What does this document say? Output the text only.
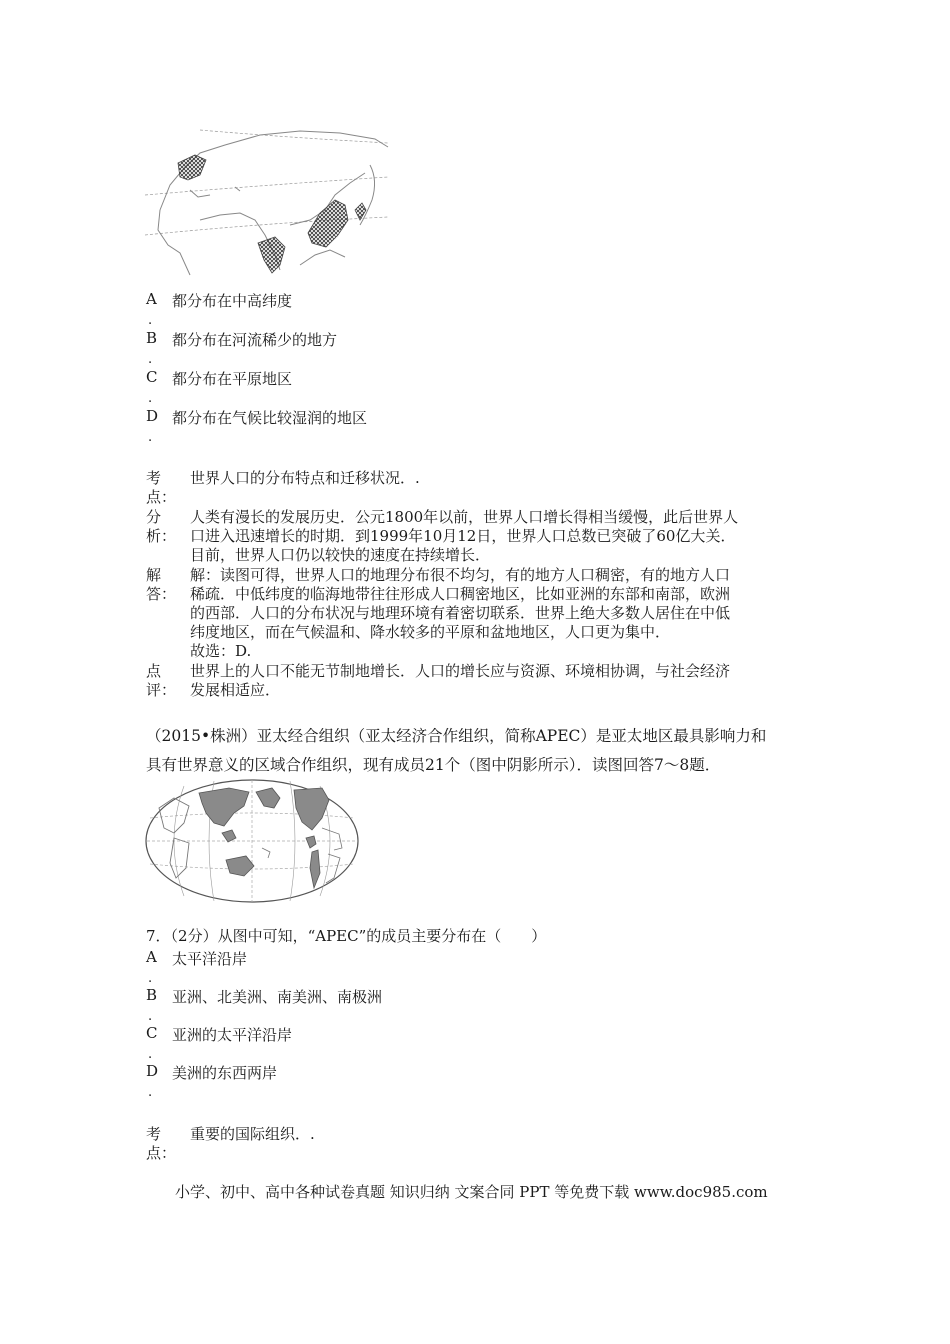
·
A 都分布在中高纬度
.
B 都分布在河流稀少的地方
.
C 都分布在平原地区
.
D 都分布在气候比较湿润的地区
.
考点：
世界人口的分布特点和迁移状况．.
分析：

人类有漫长的发展历史．公元1800年以前，世界人口增长得相当缓慢，此后世界人

口进入迅速增长的时期．到1999年10月12日，世界人口总数已突破了60亿大关．

目前，世界人口仍以较快的速度在持续增长．

解答：

解：读图可得，世界人口的地理分布很不均匀，有的地方人口稠密，有的地方人口

稀疏．中低纬度的临海地带往往形成人口稠密地区，比如亚洲的东部和南部，欧洲

的西部．人口的分布状况与地理环境有着密切联系．世界上绝大多数人居住在中低

纬度地区，而在气候温和、降水较多的平原和盆地地区，人口更为集中．

故选：D.

点评：

世界上的人口不能无节制地增长．人口的增长应与资源、环境相协调，与社会经济

发展相适应．

（2015•株洲）亚太经合组织（亚太经济合作组织，简称APEC）是亚太地区最具影响力和

具有世界意义的区域合作组织，现有成员21个（图中阴影所示）．读图回答7～8题．

7．（2分）从图中可知，“APEC”的成员主要分布在（　　）
A 太平洋沿岸
.
B 亚洲、北美洲、南美洲、南极洲
.
C 亚洲的太平洋沿岸
.
D 美洲的东西两岸
.
考点：
重要的国际组织．.
小学、初中、高中各种试卷真题 知识归纳 文案合同 PPT 等免费下载 www.doc985.com
